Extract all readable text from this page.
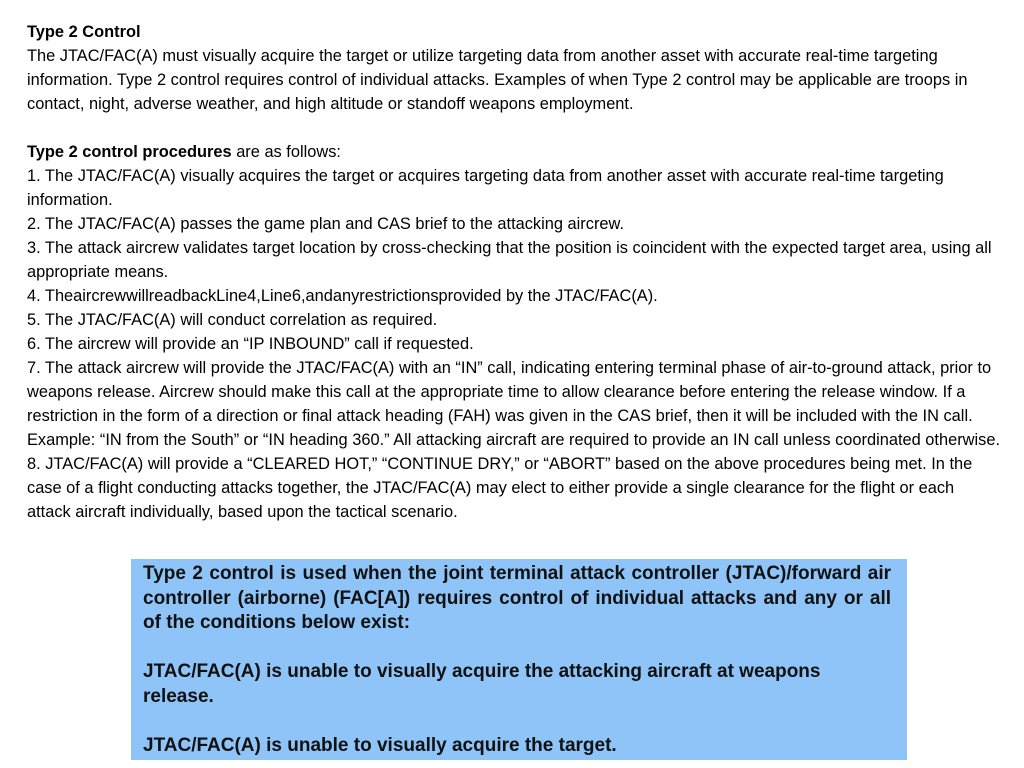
Type 2 Control

The JTAC/FAC(A) must visually acquire the target or utilize targeting data from another asset with accurate real-time targeting information. Type 2 control requires control of individual attacks. Examples of when Type 2 control may be applicable are troops in contact, night, adverse weather, and high altitude or standoff weapons employment.

Type 2 control procedures are as follows:

1. The JTAC/FAC(A) visually acquires the target or acquires targeting data from another asset with accurate real-time targeting information.

2. The JTAC/FAC(A) passes the game plan and CAS brief to the attacking aircrew.

3. The attack aircrew validates target location by cross-checking that the position is coincident with the expected target area, using all appropriate means.

4. TheaircrewwillreadbackLine4,Line6,andanyrestrictionsprovided by the JTAC/FAC(A).

5. The JTAC/FAC(A) will conduct correlation as required.

6. The aircrew will provide an “IP INBOUND” call if requested.

7. The attack aircrew will provide the JTAC/FAC(A) with an “IN” call, indicating entering terminal phase of air-to-ground attack, prior to weapons release. Aircrew should make this call at the appropriate time to allow clearance before entering the release window. If a restriction in the form of a direction or final attack heading (FAH) was given in the CAS brief, then it will be included with the IN call. Example: “IN from the South” or “IN heading 360.” All attacking aircraft are required to provide an IN call unless coordinated otherwise.

8. JTAC/FAC(A) will provide a “CLEARED HOT,” “CONTINUE DRY,” or “ABORT” based on the above procedures being met. In the case of a flight conducting attacks together, the JTAC/FAC(A) may elect to either provide a single clearance for the flight or each attack aircraft individually, based upon the tactical scenario.

Type 2 control is used when the joint terminal attack controller (JTAC)/forward air controller (airborne) (FAC[A]) requires control of individual attacks and any or all of the conditions below exist:

JTAC/FAC(A) is unable to visually acquire the attacking aircraft at weapons release.

JTAC/FAC(A) is unable to visually acquire the target.
